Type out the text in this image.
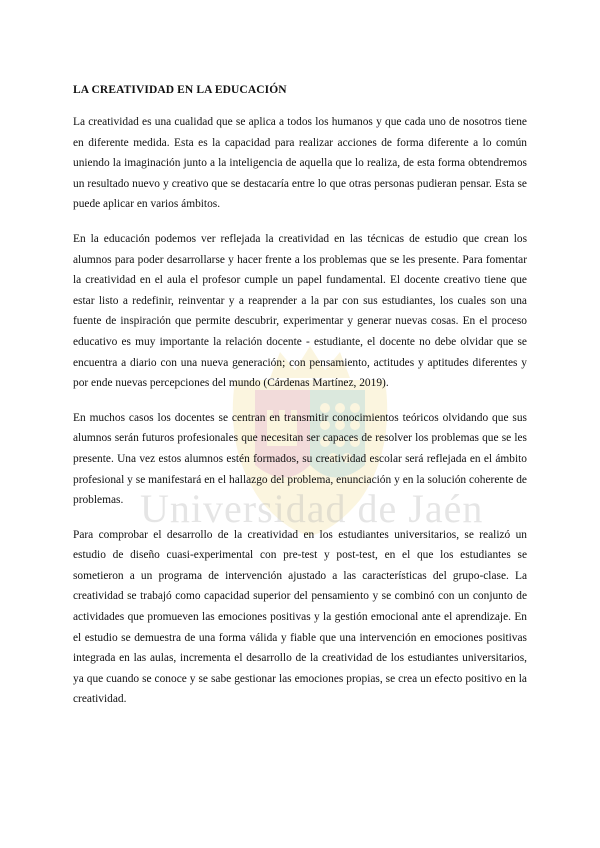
Universidad de Jaén
LA CREATIVIDAD EN LA EDUCACIÓN

La creatividad es una cualidad que se aplica a todos los humanos y que cada uno de nosotros tiene en diferente medida. Esta es la capacidad para realizar acciones de forma diferente a lo común uniendo la imaginación junto a la inteligencia de aquella que lo realiza, de esta forma obtendremos un resultado nuevo y creativo que se destacaría entre lo que otras personas pudieran pensar. Esta se puede aplicar en varios ámbitos.

En la educación podemos ver reflejada la creatividad en las técnicas de estudio que crean los alumnos para poder desarrollarse y hacer frente a los problemas que se les presente. Para fomentar la creatividad en el aula el profesor cumple un papel fundamental. El docente creativo tiene que estar listo a redefinir, reinventar y a reaprender a la par con sus estudiantes, los cuales son una fuente de inspiración que permite descubrir, experimentar y generar nuevas cosas. En el proceso educativo es muy importante la relación docente - estudiante, el docente no debe olvidar que se encuentra a diario con una nueva generación; con pensamiento, actitudes y aptitudes diferentes y por ende nuevas percepciones del mundo (Cárdenas Martínez, 2019).

En muchos casos los docentes se centran en transmitir conocimientos teóricos olvidando que sus alumnos serán futuros profesionales que necesitan ser capaces de resolver los problemas que se les presente. Una vez estos alumnos estén formados, su creatividad escolar será reflejada en el ámbito profesional y se manifestará en el hallazgo del problema, enunciación y en la solución coherente de problemas.

Para comprobar el desarrollo de la creatividad en los estudiantes universitarios, se realizó un estudio de diseño cuasi-experimental con pre-test y post-test, en el que los estudiantes se sometieron a un programa de intervención ajustado a las características del grupo-clase. La creatividad se trabajó como capacidad superior del pensamiento y se combinó con un conjunto de actividades que promueven las emociones positivas y la gestión emocional ante el aprendizaje. En el estudio se demuestra de una forma válida y fiable que una intervención en emociones positivas integrada en las aulas, incrementa el desarrollo de la creatividad de los estudiantes universitarios, ya que cuando se conoce y se sabe gestionar las emociones propias, se crea un efecto positivo en la creatividad.
